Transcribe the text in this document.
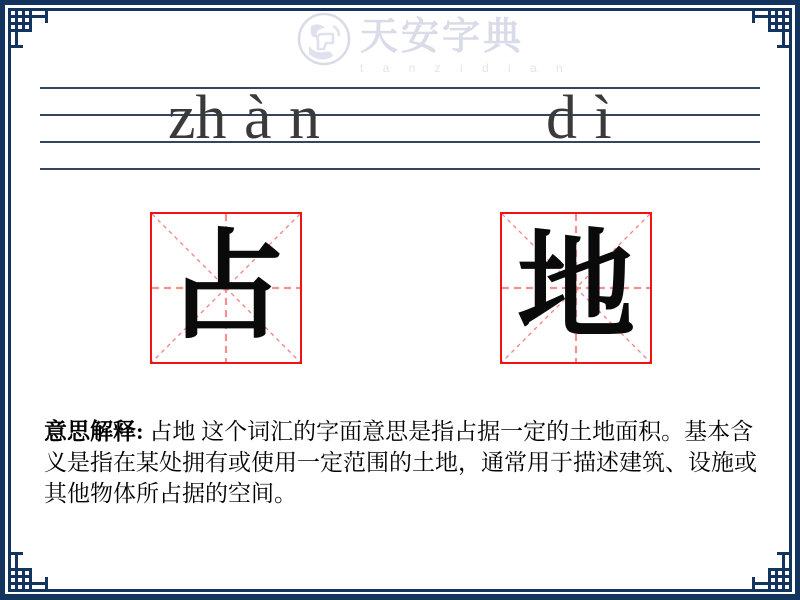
天安字典
t a n z i d i a n
zh à n	d ì
占 地
意思解释: 占地 这个词汇的字面意思是指占据一定的土地面积。基本含义是指在某处拥有或使用一定范围的土地，通常用于描述建筑、设施或其他物体所占据的空间。
